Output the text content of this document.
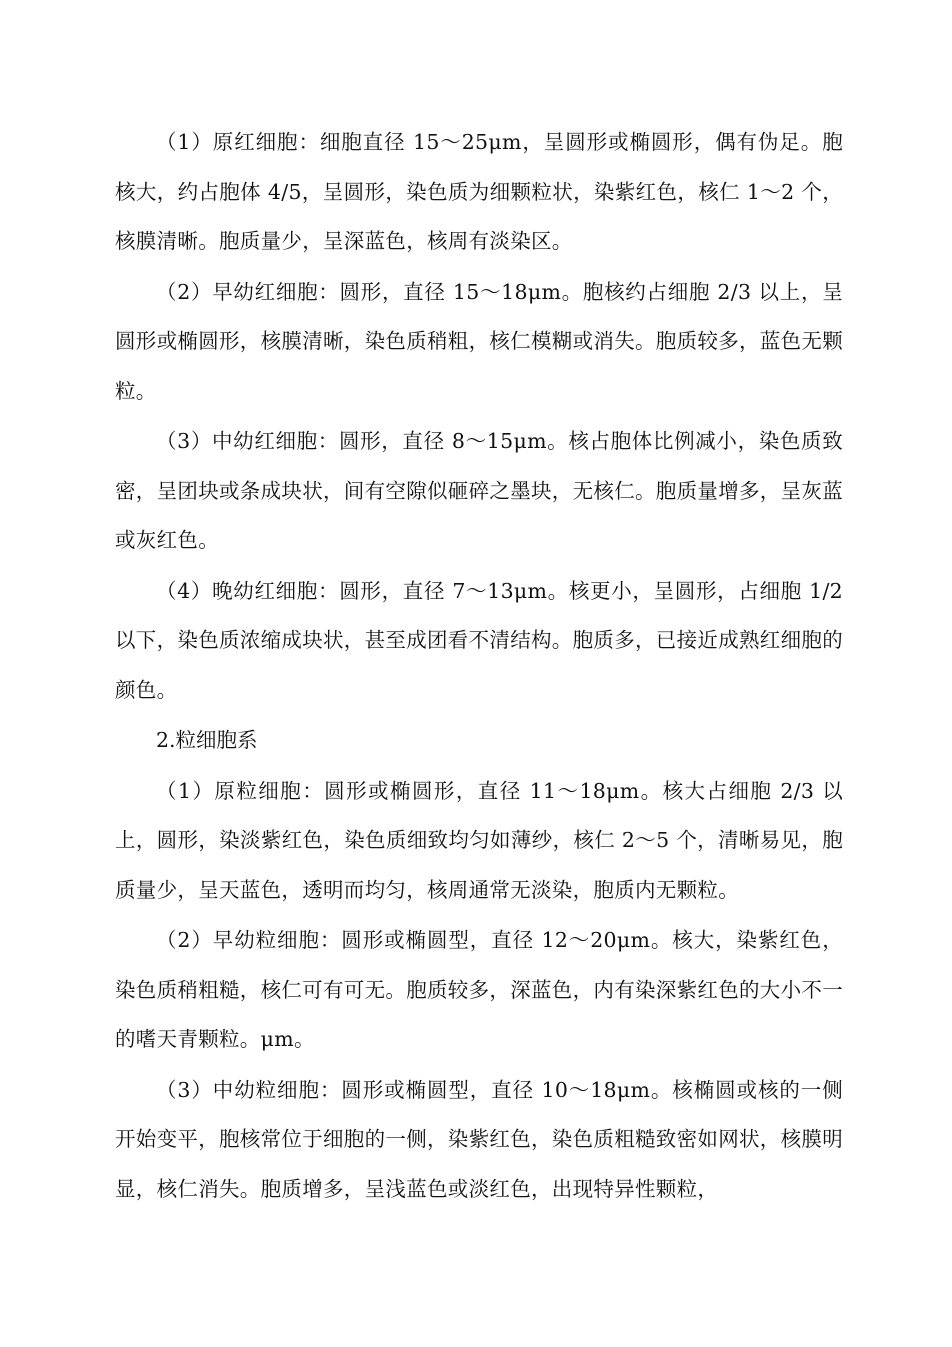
（1）原红细胞：细胞直径 15～25μm，呈圆形或椭圆形，偶有伪足。胞核大，约占胞体 4/5，呈圆形，染色质为细颗粒状，染紫红色，核仁 1～2 个，核膜清晰。胞质量少，呈深蓝色，核周有淡染区。

（2）早幼红细胞：圆形，直径 15～18μm。胞核约占细胞 2/3 以上，呈圆形或椭圆形，核膜清晰，染色质稍粗，核仁模糊或消失。胞质较多，蓝色无颗粒。

（3）中幼红细胞：圆形，直径 8～15μm。核占胞体比例减小，染色质致密，呈团块或条成块状，间有空隙似砸碎之墨块，无核仁。胞质量增多，呈灰蓝或灰红色。

（4）晚幼红细胞：圆形，直径 7～13μm。核更小，呈圆形，占细胞 1/2 以下，染色质浓缩成块状，甚至成团看不清结构。胞质多，已接近成熟红细胞的颜色。

2.粒细胞系

（1）原粒细胞：圆形或椭圆形，直径 11～18μm。核大占细胞 2/3 以上，圆形，染淡紫红色，染色质细致均匀如薄纱，核仁 2～5 个，清晰易见，胞质量少，呈天蓝色，透明而均匀，核周通常无淡染，胞质内无颗粒。

（2）早幼粒细胞：圆形或椭圆型，直径 12～20μm。核大，染紫红色，染色质稍粗糙，核仁可有可无。胞质较多，深蓝色，内有染深紫红色的大小不一的嗜天青颗粒。μm。

（3）中幼粒细胞：圆形或椭圆型，直径 10～18μm。核椭圆或核的一侧开始变平，胞核常位于细胞的一侧，染紫红色，染色质粗糙致密如网状，核膜明显，核仁消失。胞质增多，呈浅蓝色或淡红色，出现特异性颗粒，
